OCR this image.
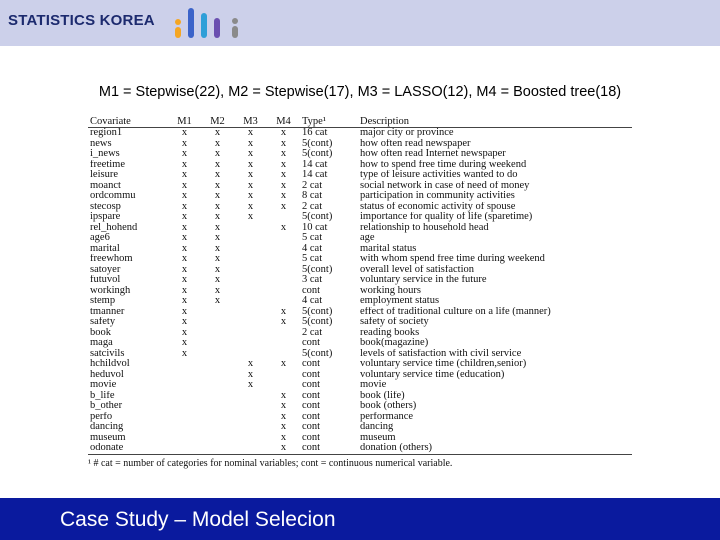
STATISTICS KOREA
M1 = Stepwise(22), M2 = Stepwise(17), M3 = LASSO(12), M4 = Boosted tree(18)
Covariate	M1	M2	M3	M4	Type¹	Description
region1	x	x	x	x	16 cat	major city or province
news	x	x	x	x	5(cont)	how often read newspaper
i_news	x	x	x	x	5(cont)	how often read Internet newspaper
freetime	x	x	x	x	14 cat	how to spend free time during weekend
leisure	x	x	x	x	14 cat	type of leisure activities wanted to do
moanct	x	x	x	x	2 cat	social network in case of need of money
ordcommu	x	x	x	x	8 cat	participation in community activities
stecosp	x	x	x	x	2 cat	status of economic activity of spouse
ipspare	x	x	x		5(cont)	importance for quality of life (sparetime)
rel_hohend	x	x		x	10 cat	relationship to household head
age6	x	x			5 cat	age
marital	x	x			4 cat	marital status
freewhom	x	x			5 cat	with whom spend free time during weekend
satoyer	x	x			5(cont)	overall level of satisfaction
futuvol	x	x			3 cat	voluntary service in the future
workingh	x	x			cont	working hours
stemp	x	x			4 cat	employment status
tmanner	x			x	5(cont)	effect of traditional culture on a life (manner)
safety	x			x	5(cont)	safety of society
book	x				2 cat	reading books
maga	x				cont	book(magazine)
satcivils	x				5(cont)	levels of satisfaction with civil service
hchildvol			x	x	cont	voluntary service time (children,senior)
heduvol			x		cont	voluntary service time (education)
movie			x		cont	movie
b_life				x	cont	book (life)
b_other				x	cont	book (others)
perfo				x	cont	performance
dancing				x	cont	dancing
museum				x	cont	museum
odonate				x	cont	donation (others)
¹ # cat = number of categories for nominal variables; cont = continuous numerical variable.
Case Study – Model Selecion
